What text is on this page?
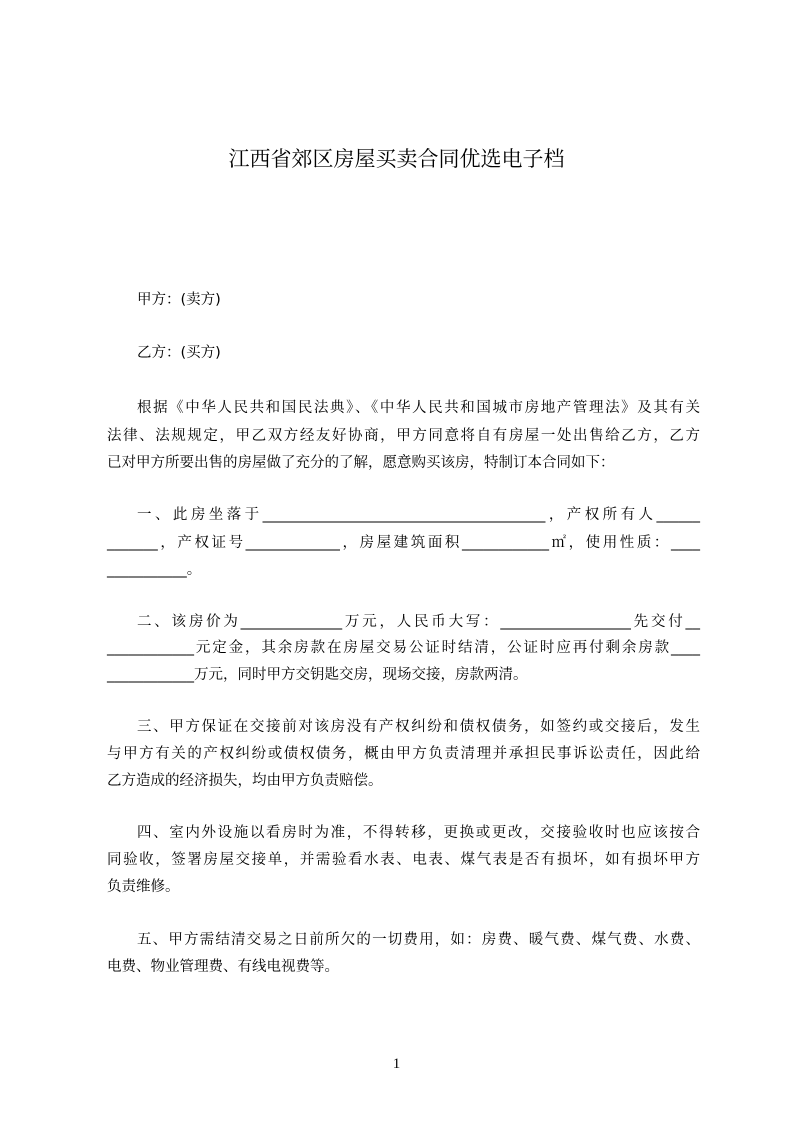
江西省郊区房屋买卖合同优选电子档
甲方：(卖方)
乙方：(买方)
根据《中华人民共和国民法典》、《中华人民共和国城市房地产管理法》及其有关
法律、法规规定，甲乙双方经友好协商，甲方同意将自有房屋一处出售给乙方，乙方
已对甲方所要出售的房屋做了充分的了解，愿意购买该房，特制订本合同如下：
一、此房坐落于_______________________________________，产权所有人______
_______，产权证号_____________，房屋建筑面积____________㎡，使用性质：____
___________。
二、该房价为______________万元，人民币大写：__________________先交付__
____________元定金，其余房款在房屋交易公证时结清，公证时应再付剩余房款____
____________万元，同时甲方交钥匙交房，现场交接，房款两清。
三、甲方保证在交接前对该房没有产权纠纷和债权债务，如签约或交接后，发生
与甲方有关的产权纠纷或债权债务，概由甲方负责清理并承担民事诉讼责任，因此给
乙方造成的经济损失，均由甲方负责赔偿。
四、室内外设施以看房时为准，不得转移，更换或更改，交接验收时也应该按合
同验收，签署房屋交接单，并需验看水表、电表、煤气表是否有损坏，如有损坏甲方
负责维修。
五、甲方需结清交易之日前所欠的一切费用，如：房费、暖气费、煤气费、水费、
电费、物业管理费、有线电视费等。
1
